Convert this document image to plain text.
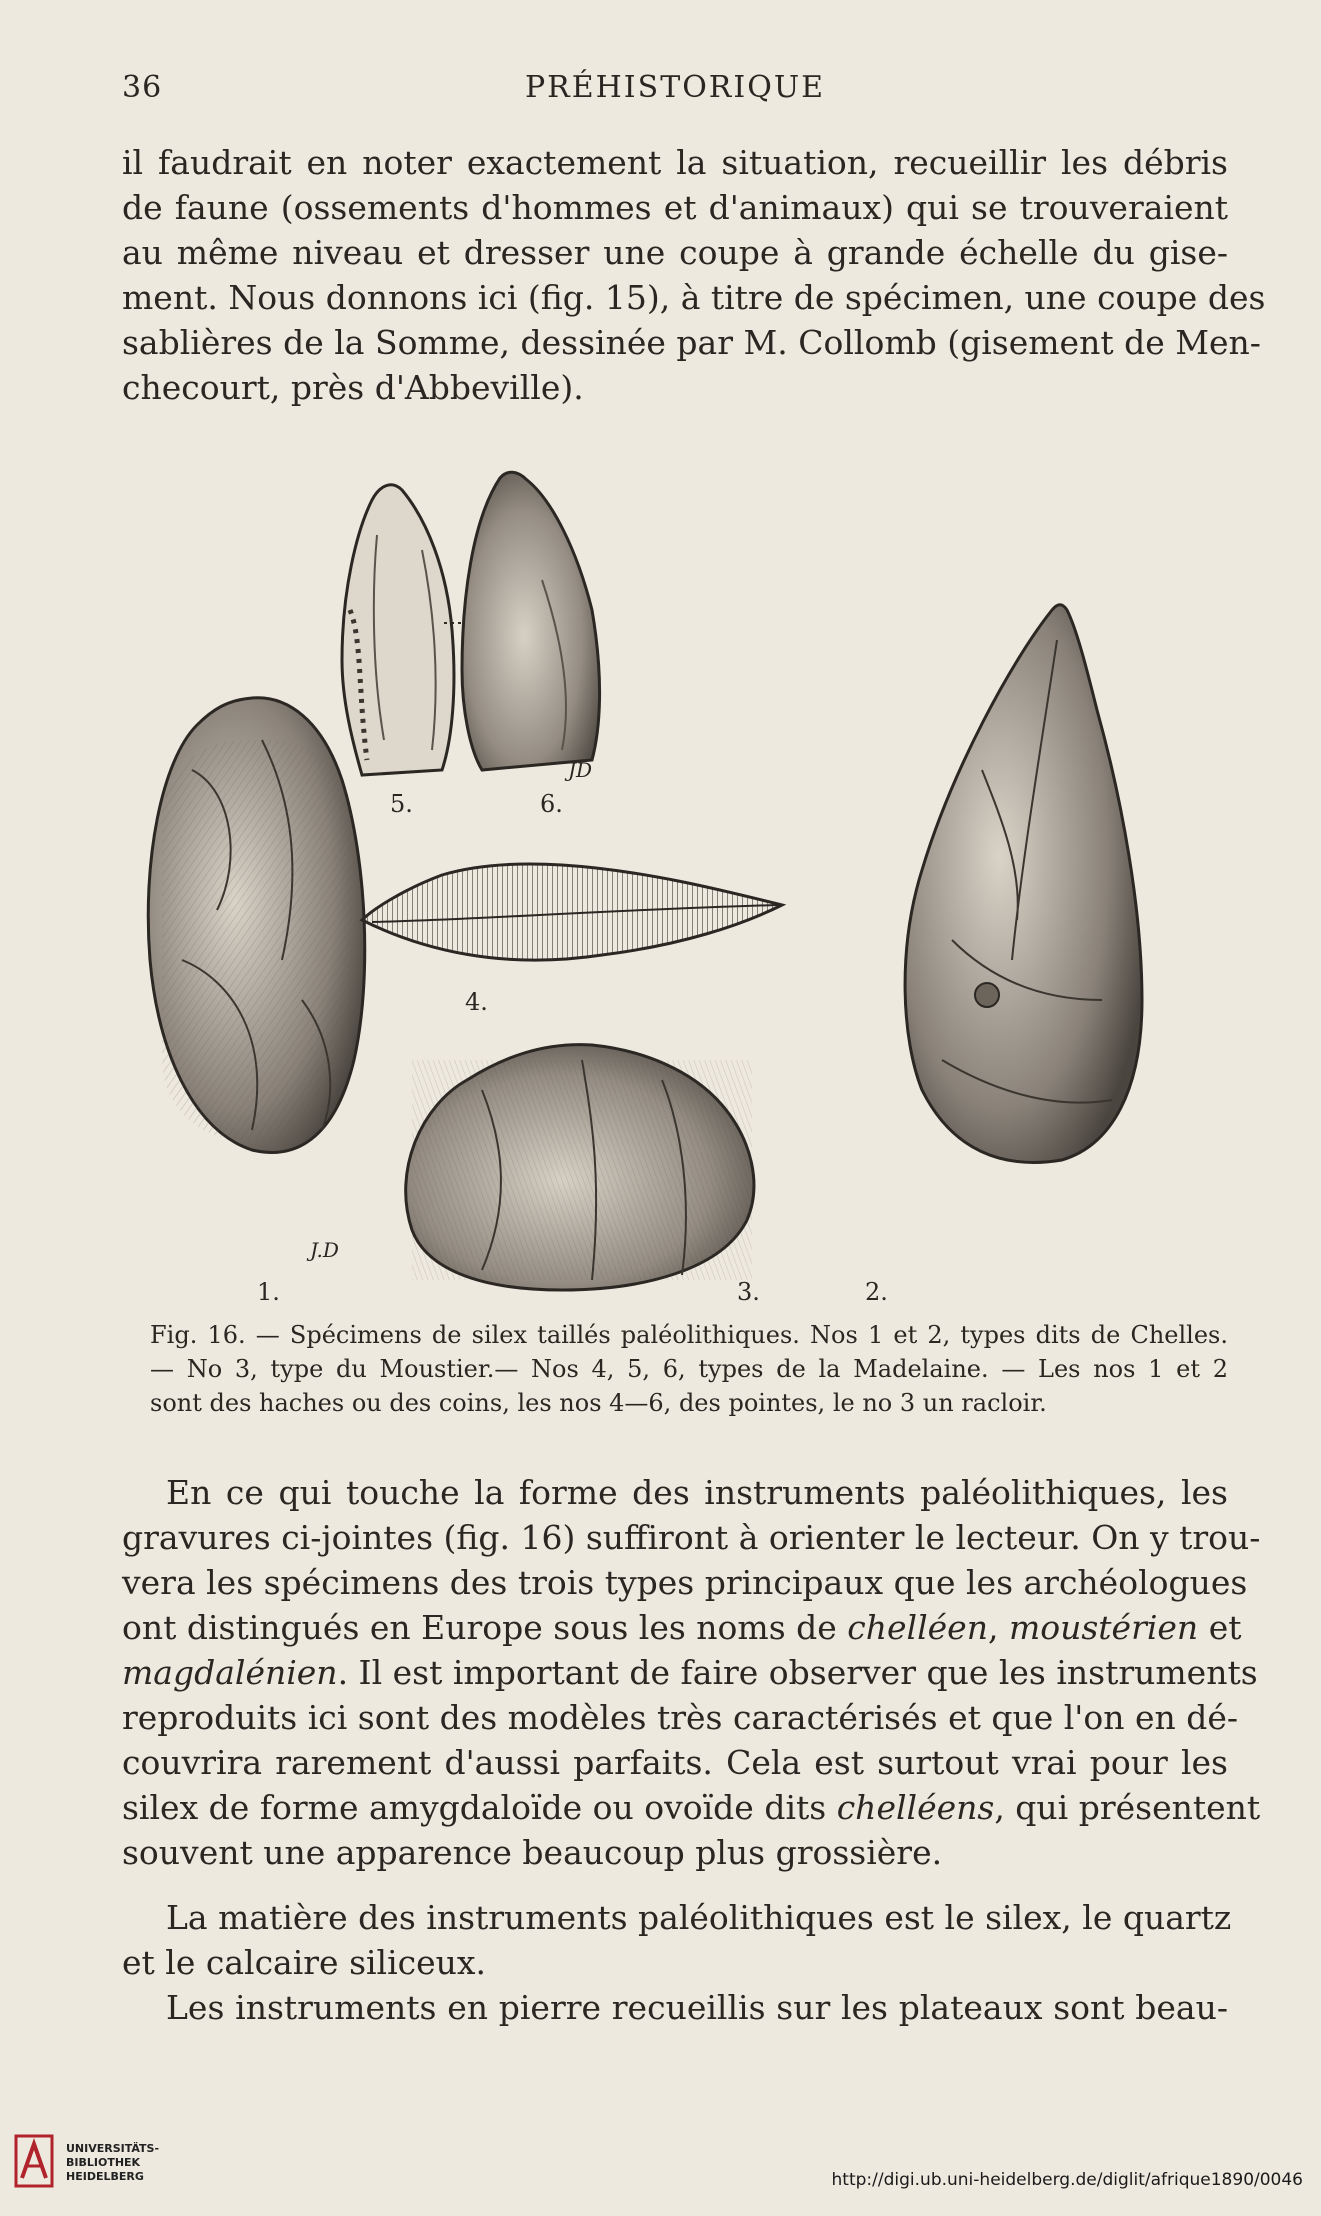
36	PRÉHISTORIQUE
il faudrait en noter exactement la situation, recueillir les débris
de faune (ossements d'hommes et d'animaux) qui se trouveraient
au même niveau et dresser une coupe à grande échelle du gise-
ment. Nous donnons ici (fig. 15), à titre de spécimen, une coupe des
sablières de la Somme, dessinée par M. Collomb (gisement de Men-
checourt, près d'Abbeville).
5.	6.
4.
1.	2.
3.
J.D
JD
Fig. 16. — Spécimens de silex taillés paléolithiques. Nos 1 et 2, types dits de Chelles.
— No 3, type du Moustier.— Nos 4, 5, 6, types de la Madelaine. — Les nos 1 et 2
sont des haches ou des coins, les nos 4—6, des pointes, le no 3 un racloir.
En ce qui touche la forme des instruments paléolithiques, les
gravures ci-jointes (fig. 16) suffiront à orienter le lecteur. On y trou-
vera les spécimens des trois types principaux que les archéologues
ont distingués en Europe sous les noms de chelléen, moustérien et
magdalénien. Il est important de faire observer que les instruments
reproduits ici sont des modèles très caractérisés et que l'on en dé-
couvrira rarement d'aussi parfaits. Cela est surtout vrai pour les
silex de forme amygdaloïde ou ovoïde dits chelléens, qui présentent
souvent une apparence beaucoup plus grossière.
La matière des instruments paléolithiques est le silex, le quartz
et le calcaire siliceux.
Les instruments en pierre recueillis sur les plateaux sont beau-
UNIVERSITÄTS-
BIBLIOTHEK
HEIDELBERG	http://digi.ub.uni-heidelberg.de/diglit/afrique1890/0046
